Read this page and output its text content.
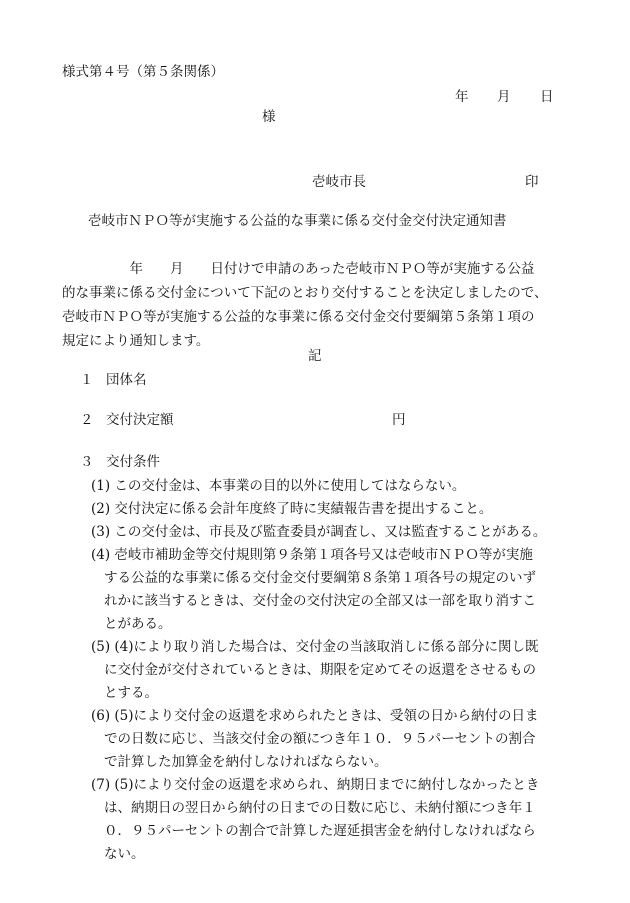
様式第４号（第５条関係）
年 月 日
様
壱岐市長	印
壱岐市ＮＰＯ等が実施する公益的な事業に係る交付金交付決定通知書
　　　　　年　　月　　日付けで申請のあった壱岐市ＮＰＯ等が実施する公益
的な事業に係る交付金について下記のとおり交付することを決定しましたので、
壱岐市ＮＰＯ等が実施する公益的な事業に係る交付金交付要綱第５条第１項の
規定により通知します。
記
１ 団体名
２ 交付決定額	円
３ 交付条件
(1) この交付金は、本事業の目的以外に使用してはならない。
(2) 交付決定に係る会計年度終了時に実績報告書を提出すること。
(3) この交付金は、市長及び監査委員が調査し、又は監査することがある。
(4) 壱岐市補助金等交付規則第９条第１項各号又は壱岐市ＮＰＯ等が実施
する公益的な事業に係る交付金交付要綱第８条第１項各号の規定のいず
れかに該当するときは、交付金の交付決定の全部又は一部を取り消すこ
とがある。
(5) (4)により取り消した場合は、交付金の当該取消しに係る部分に関し既
に交付金が交付されているときは、期限を定めてその返還をさせるもの
とする。
(6) (5)により交付金の返還を求められたときは、受領の日から納付の日ま
での日数に応じ、当該交付金の額につき年１０．９５パーセントの割合
で計算した加算金を納付しなければならない。
(7) (5)により交付金の返還を求められ、納期日までに納付しなかったとき
は、納期日の翌日から納付の日までの日数に応じ、未納付額につき年１
０．９５パーセントの割合で計算した遅延損害金を納付しなければなら
ない。
